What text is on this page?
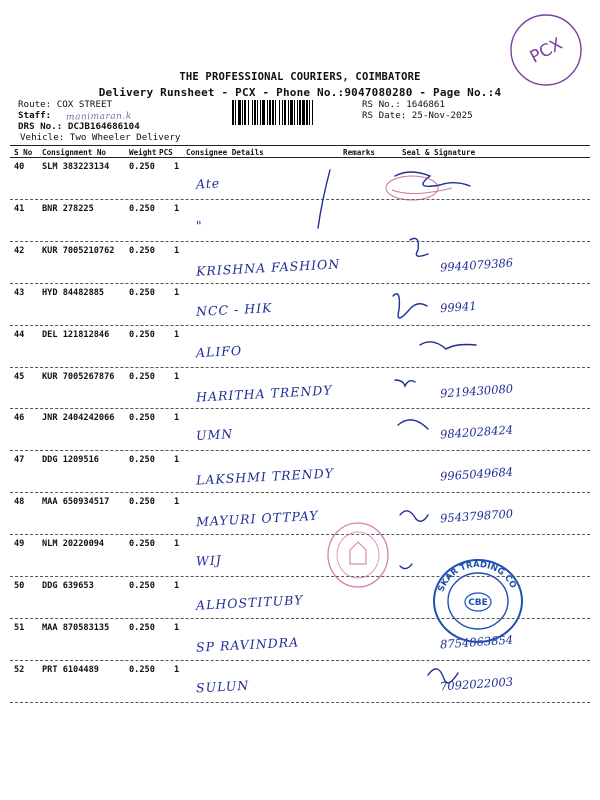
PCX
THE PROFESSIONAL COURIERS, COIMBATORE
Delivery Runsheet - PCX - Phone No.:9047080280 - Page No.:4
Route: COX STREET
Staff: manimaran.k
DRS No.: DCJB164686104
Vehicle: Two Wheeler Delivery
RS No.: 1646861
RS Date: 25-Nov-2025
S No Consignment No	Weight PCS Consignee Details	Remarks	Seal & Signature
40 SLM 383223134 0.250 1
Ate
41 BNR 278225	0.250 1
"
42 KUR 7005210762 0.250 1
KRISHNA FASHION	9944079386
43 HYD 84482885	0.250 1
NCC - HIK	99941
44 DEL 121812846 0.250 1
ALIFO
45 KUR 7005267876 0.250 1
HARITHA TRENDY	9219430080
46 JNR 2404242066 0.250 1
UMN	9842028424
47 DDG 1209516	0.250 1
LAKSHMI TRENDY	9965049684
48 MAA 650934517 0.250 1
MAYURI OTTPAY	9543798700
49 NLM 20220094	0.250 1
WIJ
50 DDG 639653	0.250 1
ALHOSTITUBY
51 MAA 870583135 0.250 1
SP RAVINDRA	8754863854
52 PRT 6104489	0.250 1
SULUN	7092022003
SKAR TRADING CO
CBE
